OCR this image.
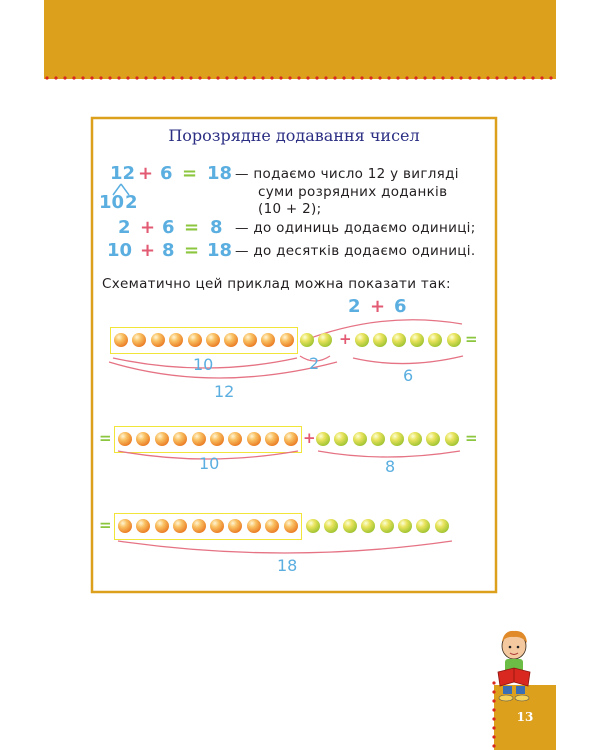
Порозрядне додавання чисел
12 + 6 = 18
10 2
— подаємо число 12 у вигляді
суми розрядних доданків
(10 + 2);
2 + 6 = 8 — до одиниць додаємо одиниці;
10 + 8 = 18 — до десятків додаємо одиниці.
Схематично цей приклад можна показати так:
2 + 6
+	=
10	2
6
12
=	+	=
10	8
=
18
13
